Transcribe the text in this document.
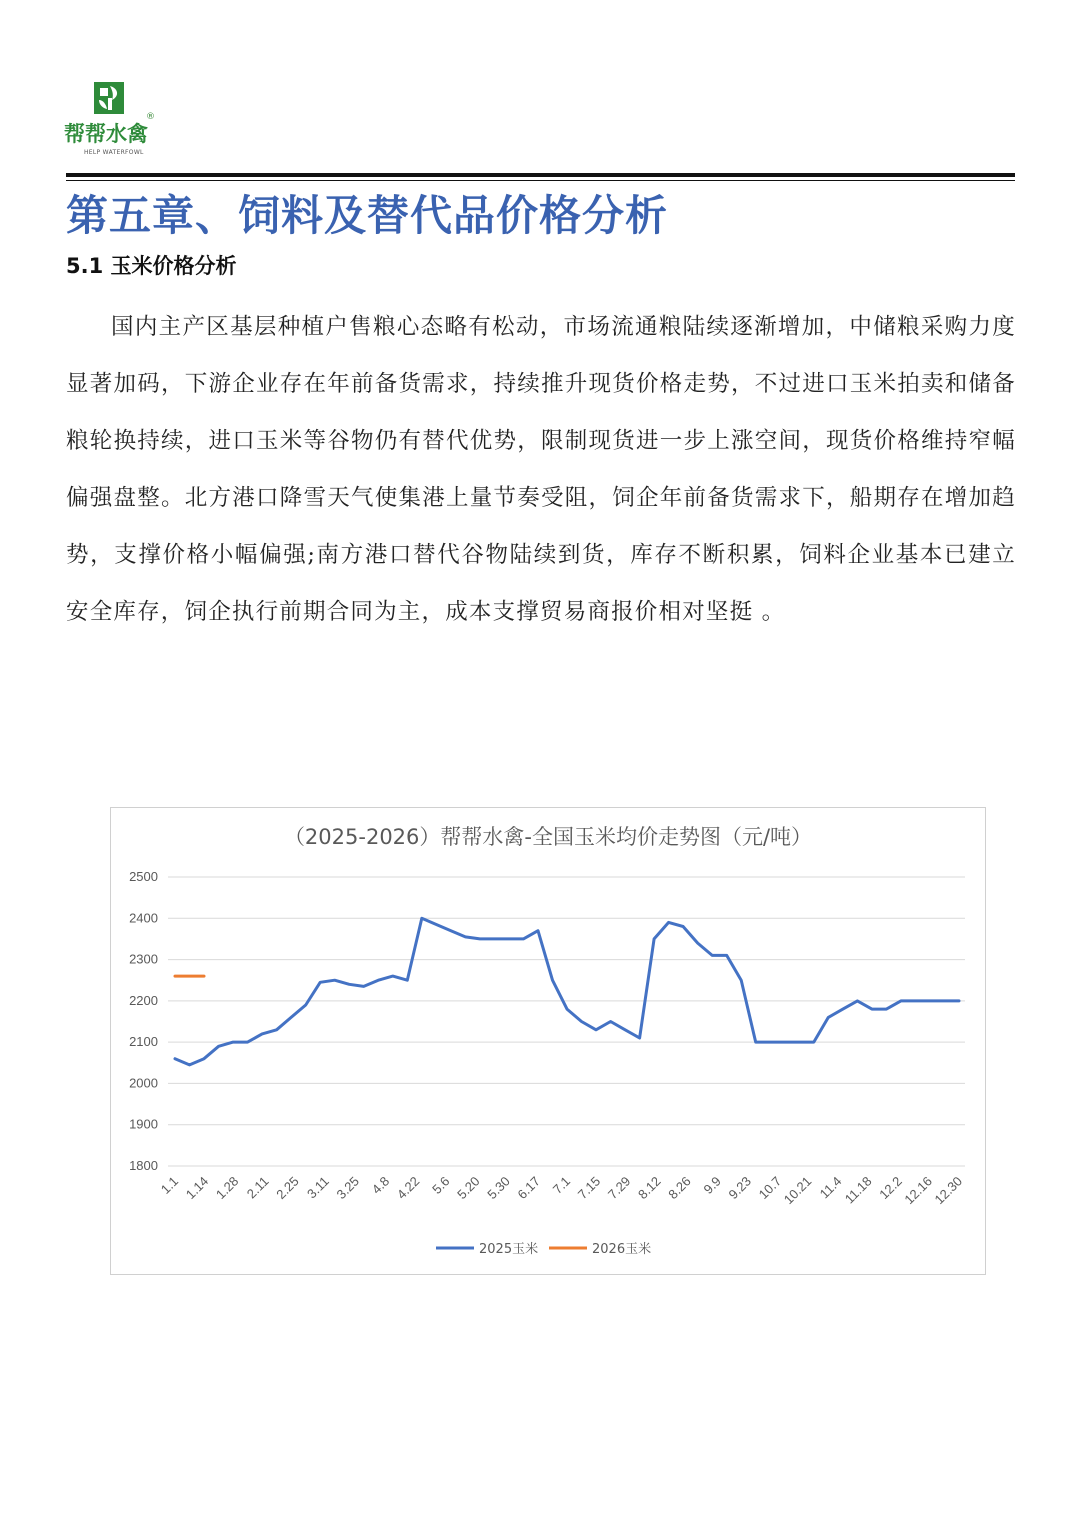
®
帮帮水禽
HELP WATERFOWL
第五章、饲料及替代品价格分析
5.1 玉米价格分析

国内主产区基层种植户售粮心态略有松动，市场流通粮陆续逐渐增加，中储粮采购力度显著加码，下游企业存在年前备货需求，持续推升现货价格走势，不过进口玉米拍卖和储备粮轮换持续，进口玉米等谷物仍有替代优势，限制现货进一步上涨空间，现货价格维持窄幅偏强盘整。北方港口降雪天气使集港上量节奏受阻，饲企年前备货需求下，船期存在增加趋势，支撑价格小幅偏强;南方港口替代谷物陆续到货，库存不断积累，饲料企业基本已建立安全库存，饲企执行前期合同为主，成本支撑贸易商报价相对坚挺 。

（2025-2026）帮帮水禽-全国玉米均价走势图（元/吨）
1800
1900
2000
2100
2200
2300
2400
2500
1.1 1.14 1.28 2.11 2.25 3.11 3.25 4.8 4.22 5.6 5.20 5.30 6.17 7.1 7.15 7.29 8.12 8.26 9.9 9.23 10.7
10.21 11.4
11.18 12.2
12.16
12.30
2025玉米	2026玉米
